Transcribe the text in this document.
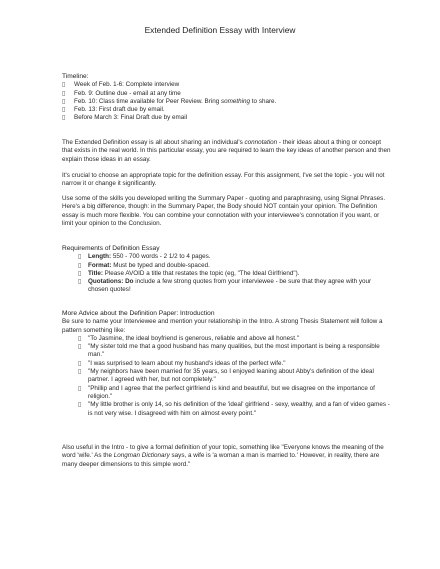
Extended Definition Essay with Interview

Timeline:

▯	Week of Feb. 1-6: Complete interview
▯	Feb. 9: Outline due - email at any time
▯	Feb. 10: Class time available for Peer Review. Bring something to share.
▯	Feb. 13: First draft due by email.
▯	Before March 3: Final Draft due by email
The Extended Definition essay is all about sharing an individual's connotation - their ideas about a thing or concept that exists in the real world. In this particular essay, you are required to learn the key ideas of another person and then explain those ideas in an essay.

It's crucial to choose an appropriate topic for the definition essay. For this assignment, I've set the topic - you will not narrow it or change it significantly.

Use some of the skills you developed writing the Summary Paper - quoting and paraphrasing, using Signal Phrases. Here's a big difference, though: in the Summary Paper, the Body should NOT contain your opinion. The Definition essay is much more flexible. You can combine your connotation with your interviewee's connotation if you want, or limit your opinion to the Conclusion.

Requirements of Definition Essay

▯ Length: 550 - 700 words - 2 1/2 to 4 pages.
▯ Format: Must be typed and double-spaced.
▯ Title: Please AVOID a title that restates the topic (eg, "The Ideal Girlfriend").
▯ Quotations: Do include a few strong quotes from your interviewee - be sure that they agree with your chosen quotes!

More Advice about the Definition Paper: Introduction

Be sure to name your Interviewee and mention your relationship in the Intro. A strong Thesis Statement will follow a pattern something like:

▯ "To Jasmine, the ideal boyfriend is generous, reliable and above all honest."
▯ "My sister told me that a good husband has many qualities, but the most important is being a responsible man."
▯ "I was surprised to learn about my husband's ideas of the perfect wife."
▯ "My neighbors have been married for 35 years, so I enjoyed leaning about Abby's definition of the ideal partner. I agreed with her, but not completely."
▯ "Phillip and I agree that the perfect girlfriend is kind and beautiful, but we disagree on the importance of religion."
▯ "My little brother is only 14, so his definition of the 'ideal' girlfriend - sexy, wealthy, and a fan of video games - is not very wise. I disagreed with him on almost every point."
Also useful in the Intro - to give a formal definition of your topic, something like "Everyone knows the meaning of the word 'wife.' As the Longman Dictionary says, a wife is 'a woman a man is married to.' However, in reality, there are many deeper dimensions to this simple word."
